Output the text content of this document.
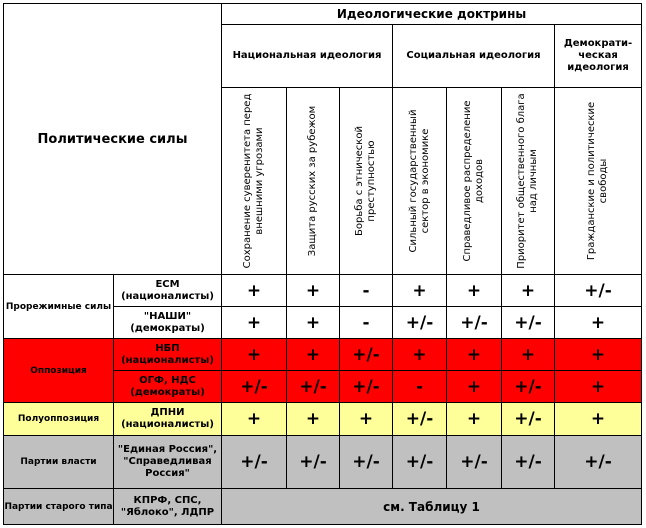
Политические силы		Идеологические доктрины						
		Национальная идеология			Социальная идеология			Демократи-ческая идеология

		Сохранение суверенитета перед внешними угрозами	Защита русских за рубежом	Борьба с этнической преступностью	Сильный государственный сектор в экономике	Справедливое распределение доходов	Приоритет общественного блага над личным	Гражданские и политические свободы

Прорежимные силы	ЕСМ (националисты)	+	+	-	+	+	+	+/-
	"НАШИ" (демократы)	+	+	-	+/-	+/-	+/-	+
Оппозиция	НБП (националисты)	+	+	+/-	+	+	+	+
	ОГФ, НДС (демократы)	+/-	+/-	+/-	-	+	+/-	+
Полуоппозиция	ДПНИ (националисты)	+	+	+	+/-	+	+/-	+
Партии власти	"Единая Россия", "Справедливая Россия"	+/-	+/-	+/-	+/-	+/-	+/-	+/-
Партии старого типа	КПРФ, СПС, "Яблоко", ЛДПР	см. Таблицу 1						
